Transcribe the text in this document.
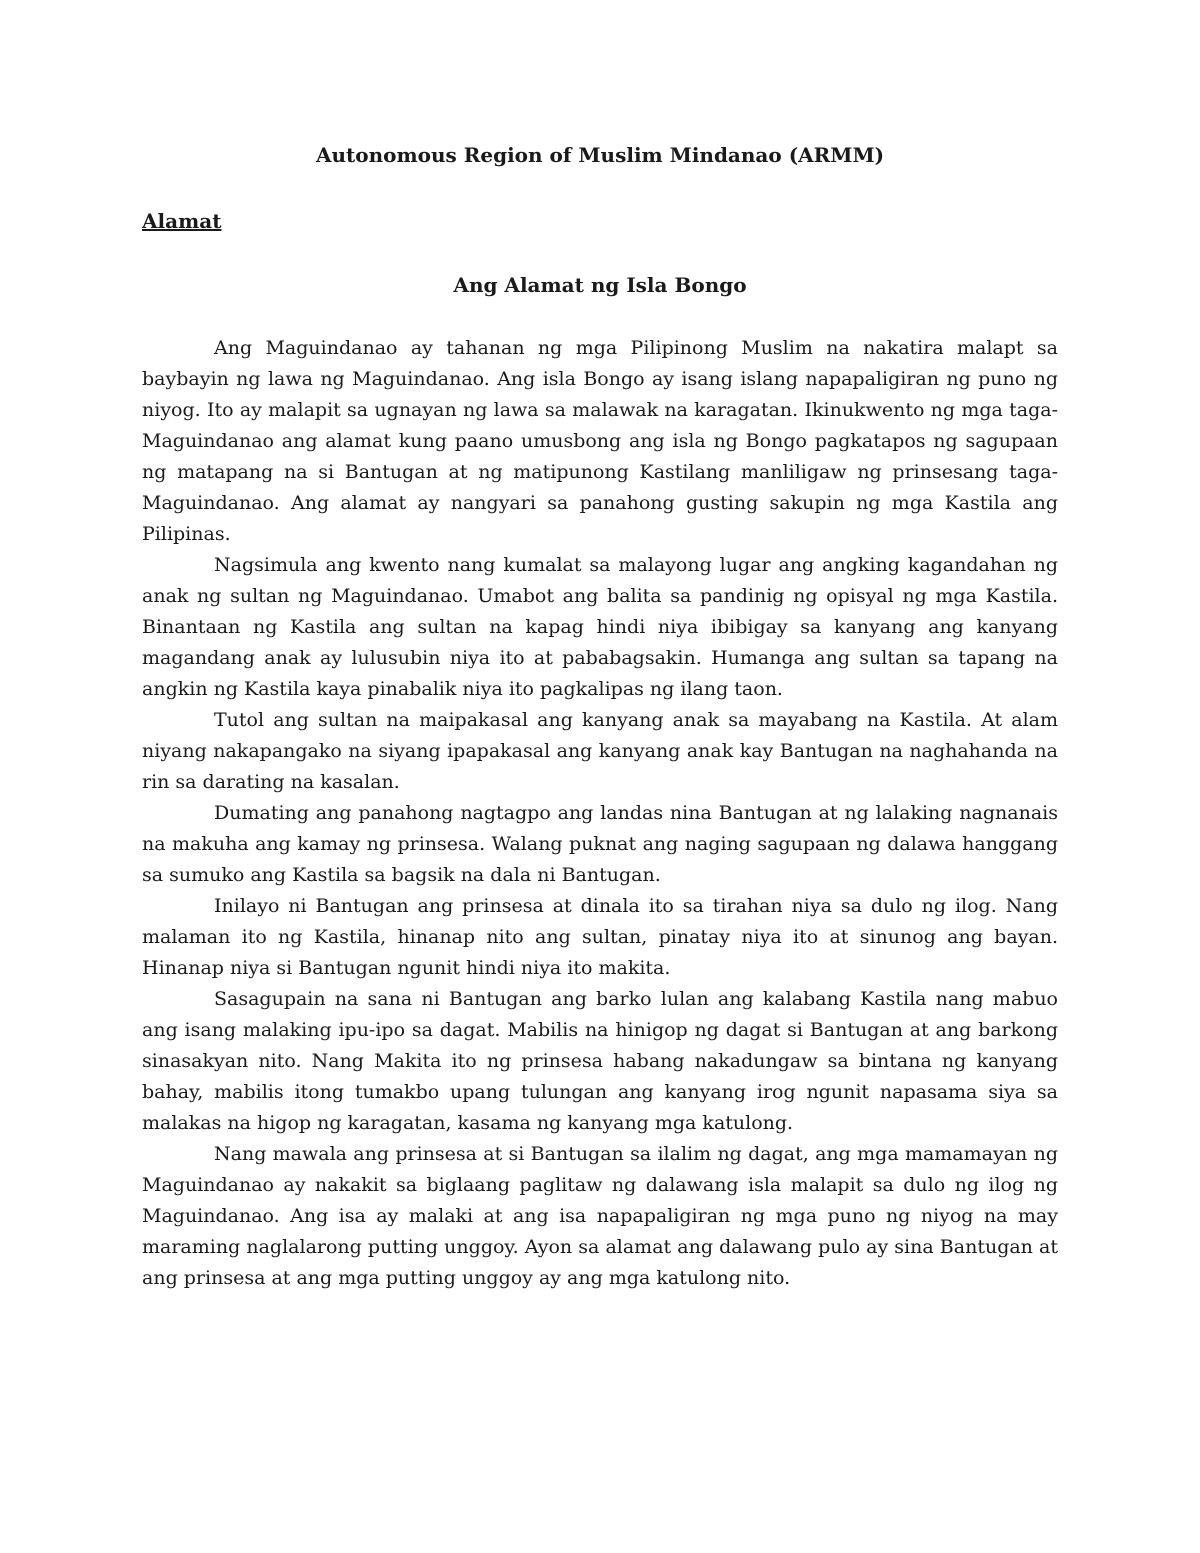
Autonomous Region of Muslim Mindanao (ARMM)
Alamat
Ang Alamat ng Isla Bongo

Ang Maguindanao ay tahanan ng mga Pilipinong Muslim na nakatira malapt sa baybayin ng lawa ng Maguindanao. Ang isla Bongo ay isang islang napapaligiran ng puno ng niyog. Ito ay malapit sa ugnayan ng lawa sa malawak na karagatan. Ikinukwento ng mga taga-Maguindanao ang alamat kung paano umusbong ang isla ng Bongo pagkatapos ng sagupaan ng matapang na si Bantugan at ng matipunong Kastilang manliligaw ng prinsesang taga-Maguindanao. Ang alamat ay nangyari sa panahong gusting sakupin ng mga Kastila ang Pilipinas.

Nagsimula ang kwento nang kumalat sa malayong lugar ang angking kagandahan ng anak ng sultan ng Maguindanao. Umabot ang balita sa pandinig ng opisyal ng mga Kastila. Binantaan ng Kastila ang sultan na kapag hindi niya ibibigay sa kanyang ang kanyang magandang anak ay lulusubin niya ito at pababagsakin. Humanga ang sultan sa tapang na angkin ng Kastila kaya pinabalik niya ito pagkalipas ng ilang taon.

Tutol ang sultan na maipakasal ang kanyang anak sa mayabang na Kastila. At alam niyang nakapangako na siyang ipapakasal ang kanyang anak kay Bantugan na naghahanda na rin sa darating na kasalan.

Dumating ang panahong nagtagpo ang landas nina Bantugan at ng lalaking nagnanais na makuha ang kamay ng prinsesa. Walang puknat ang naging sagupaan ng dalawa hanggang sa sumuko ang Kastila sa bagsik na dala ni Bantugan.

Inilayo ni Bantugan ang prinsesa at dinala ito sa tirahan niya sa dulo ng ilog. Nang malaman ito ng Kastila, hinanap nito ang sultan, pinatay niya ito at sinunog ang bayan. Hinanap niya si Bantugan ngunit hindi niya ito makita.

Sasagupain na sana ni Bantugan ang barko lulan ang kalabang Kastila nang mabuo ang isang malaking ipu-ipo sa dagat. Mabilis na hinigop ng dagat si Bantugan at ang barkong sinasakyan nito. Nang Makita ito ng prinsesa habang nakadungaw sa bintana ng kanyang bahay, mabilis itong tumakbo upang tulungan ang kanyang irog ngunit napasama siya sa malakas na higop ng karagatan, kasama ng kanyang mga katulong.

Nang mawala ang prinsesa at si Bantugan sa ilalim ng dagat, ang mga mamamayan ng Maguindanao ay nakakit sa biglaang paglitaw ng dalawang isla malapit sa dulo ng ilog ng Maguindanao. Ang isa ay malaki at ang isa napapaligiran ng mga puno ng niyog na may maraming naglalarong putting unggoy. Ayon sa alamat ang dalawang pulo ay sina Bantugan at ang prinsesa at ang mga putting unggoy ay ang mga katulong nito.
